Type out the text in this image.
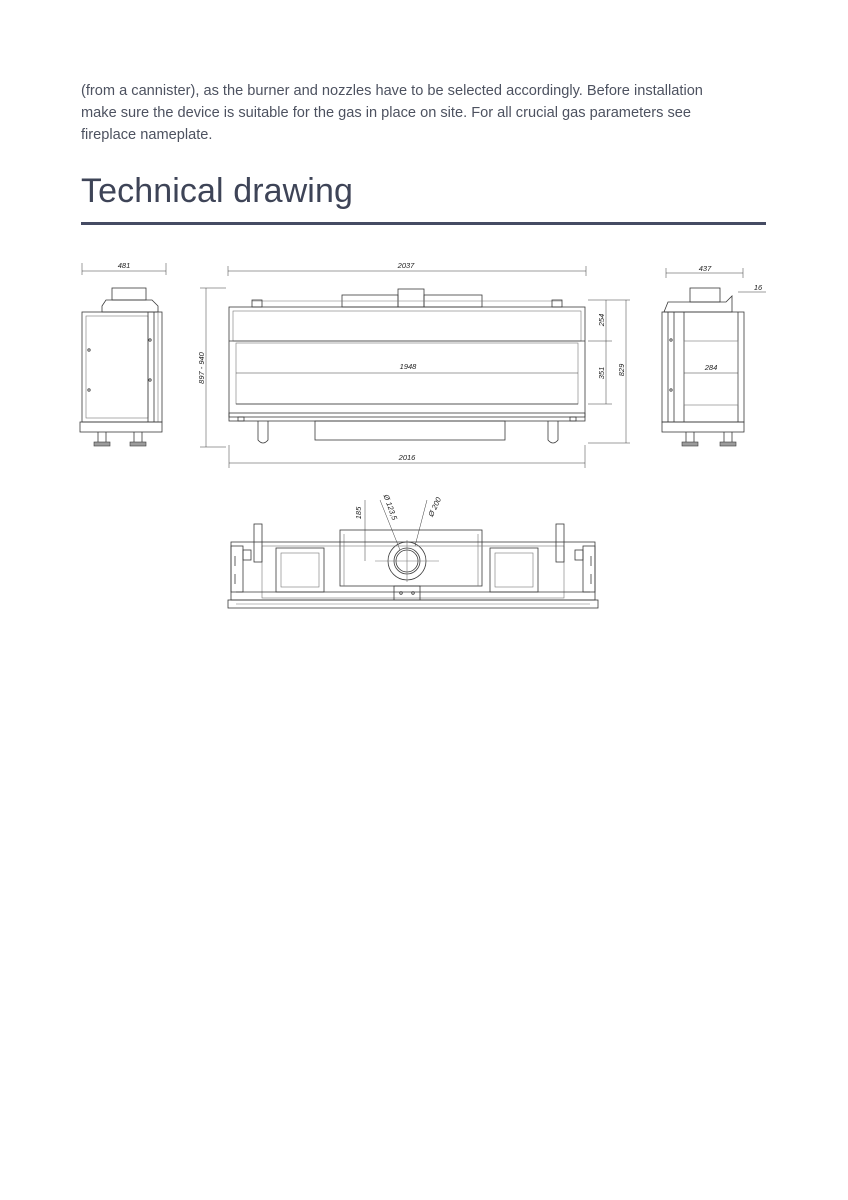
(from a cannister), as the burner and nozzles have to be selected accordingly. Before installation

make sure the device is suitable for the gas in place on site. For all crucial gas parameters see

fireplace nameplate.

Technical drawing
481	2037
897 - 940	1948
254
351 829
2016
437
16
284
185 Ø 123,5	Ø 200
